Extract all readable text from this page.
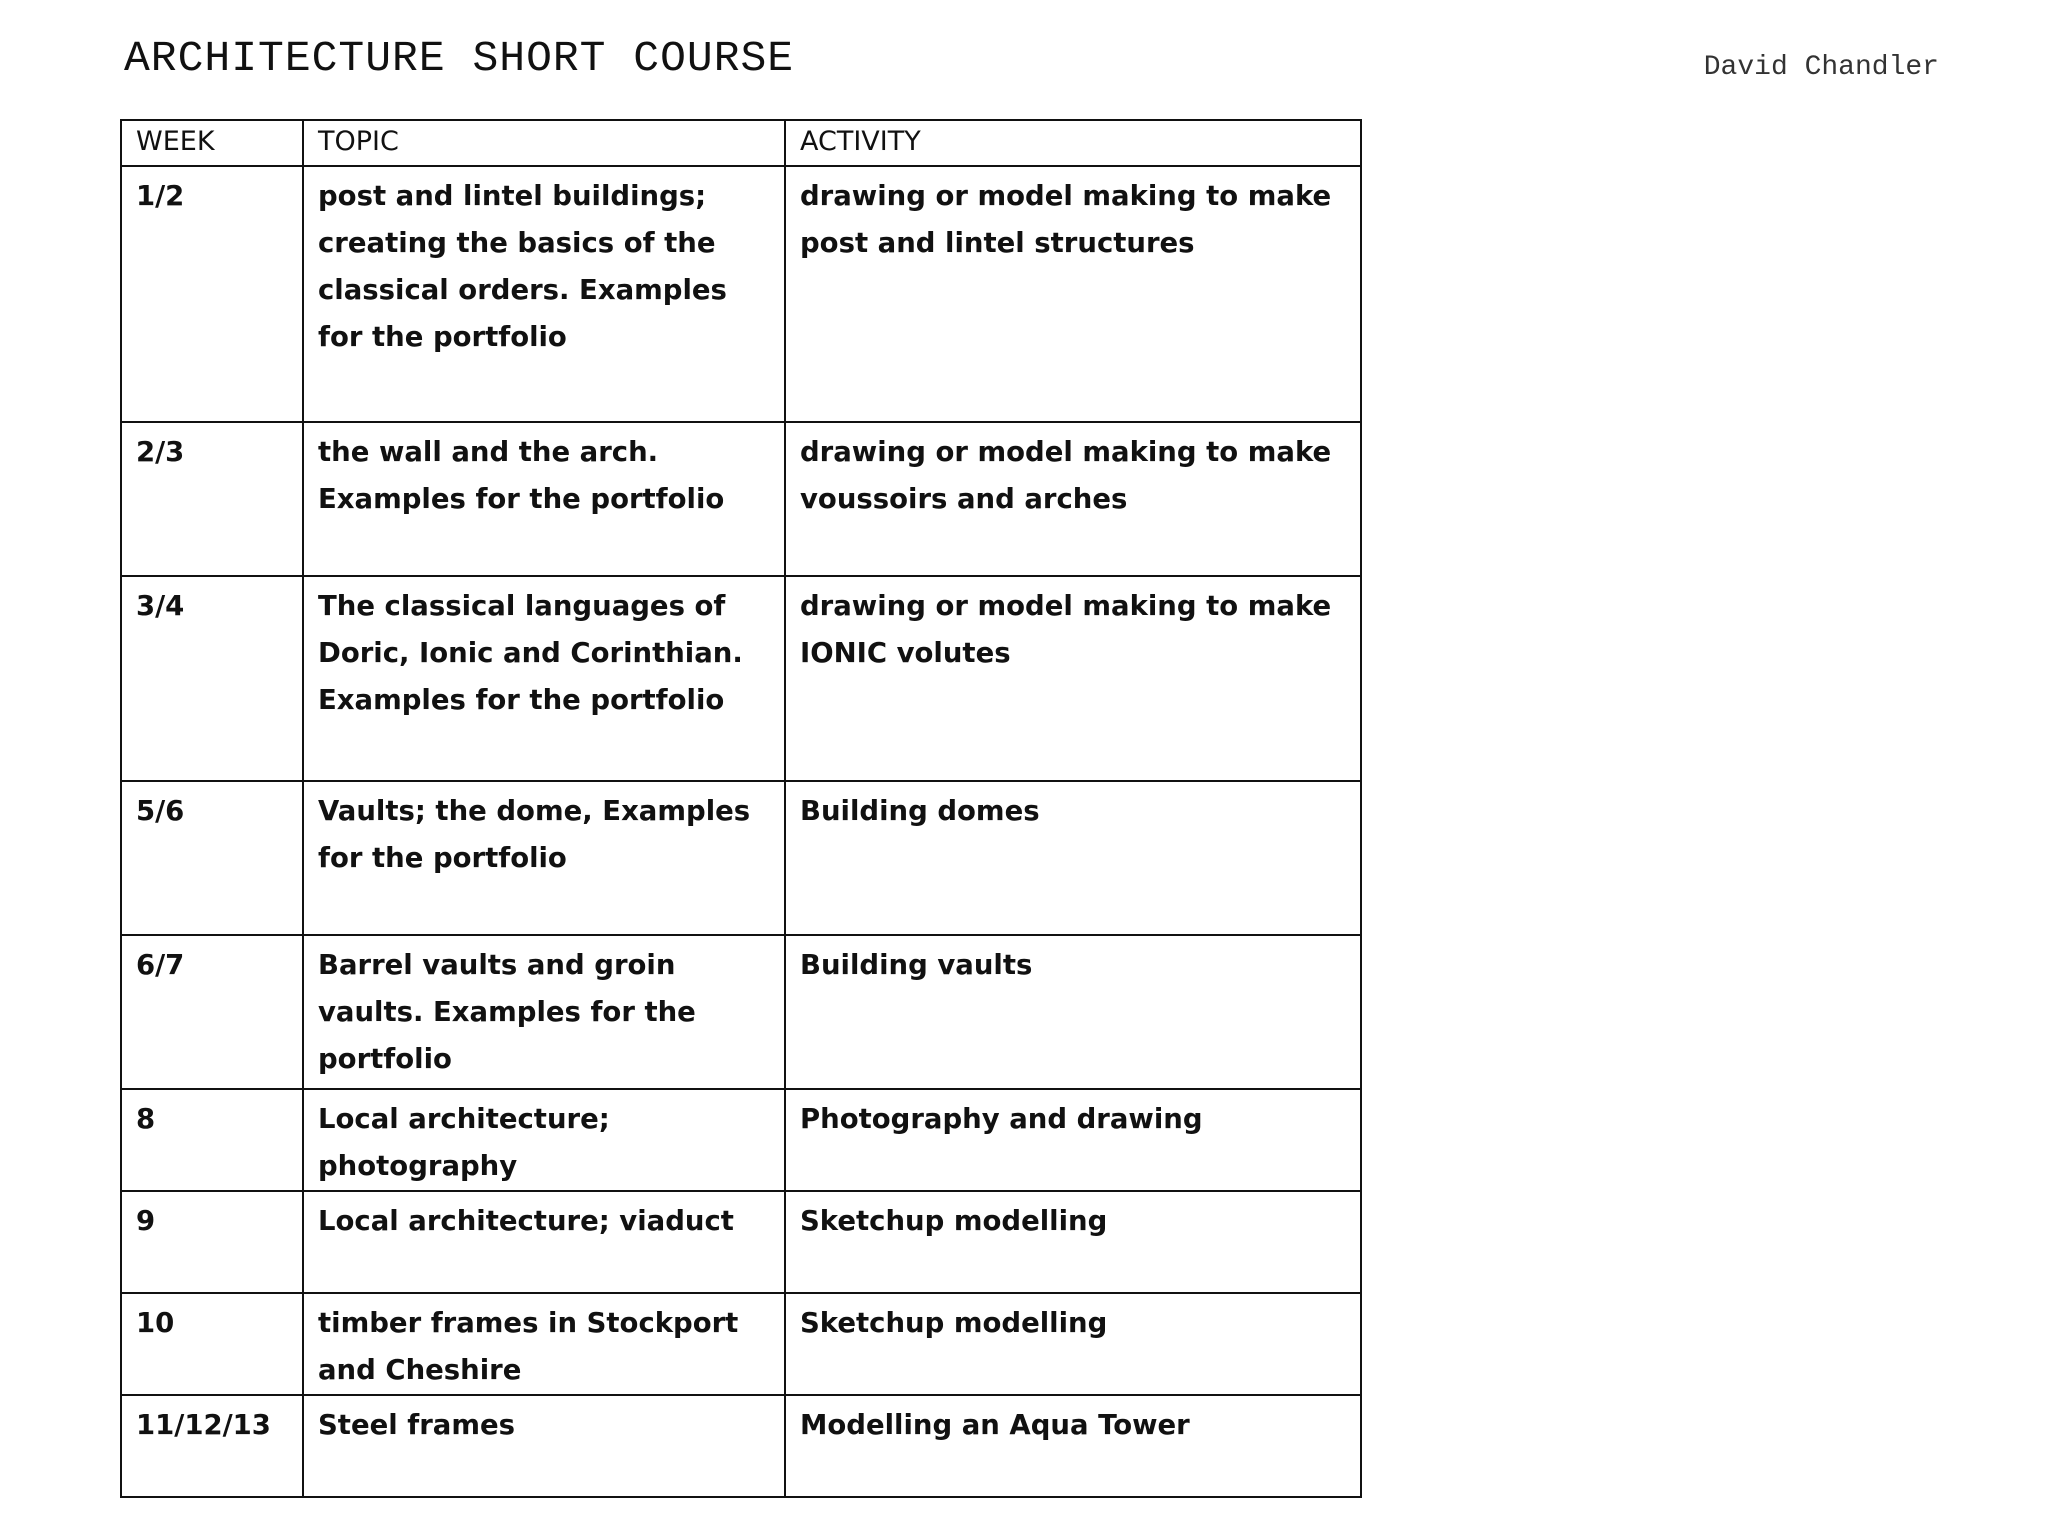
ARCHITECTURE SHORT COURSE	David Chandler
WEEK	TOPIC	ACTIVITY
1/2	post and lintel buildings; creating the basics of the classical orders. Examples for the portfolio	drawing or model making to make post and lintel structures
2/3	the wall and the arch. Examples for the portfolio	drawing or model making to make voussoirs and arches
3/4	The classical languages of Doric, Ionic and Corinthian. Examples for the portfolio	drawing or model making to make IONIC volutes
5/6	Vaults; the dome, Examples for the portfolio	Building domes
6/7	Barrel vaults and groin vaults. Examples for the portfolio	Building vaults
8	Local architecture; photography	Photography and drawing
9	Local architecture; viaduct	Sketchup modelling
10	timber frames in Stockport and Cheshire	Sketchup modelling
11/12/13	Steel frames	Modelling an Aqua Tower
